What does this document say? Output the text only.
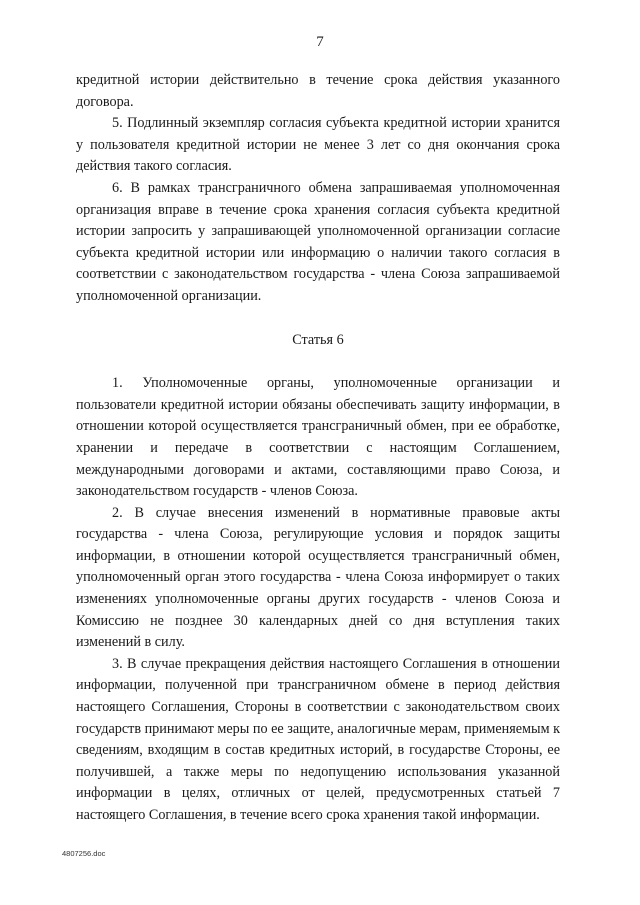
7

кредитной истории действительно в течение срока действия указанного договора.

5. Подлинный экземпляр согласия субъекта кредитной истории хранится у пользователя кредитной истории не менее 3 лет со дня окончания срока действия такого согласия.

6. В рамках трансграничного обмена запрашиваемая уполномоченная организация вправе в течение срока хранения согласия субъекта кредитной истории запросить у запрашивающей уполномоченной организации согласие субъекта кредитной истории или информацию о наличии такого согласия в соответствии с законодательством государства - члена Союза запрашиваемой уполномоченной организации.

Статья 6

1. Уполномоченные органы, уполномоченные организации и пользователи кредитной истории обязаны обеспечивать защиту информации, в отношении которой осуществляется трансграничный обмен, при ее обработке, хранении и передаче в соответствии с настоящим Соглашением, международными договорами и актами, составляющими право Союза, и законодательством государств - членов Союза.

2. В случае внесения изменений в нормативные правовые акты государства - члена Союза, регулирующие условия и порядок защиты информации, в отношении которой осуществляется трансграничный обмен, уполномоченный орган этого государства - члена Союза информирует о таких изменениях уполномоченные органы других государств - членов Союза и Комиссию не позднее 30 календарных дней со дня вступления таких изменений в силу.

3. В случае прекращения действия настоящего Соглашения в отношении информации, полученной при трансграничном обмене в период действия настоящего Соглашения, Стороны в соответствии с законодательством своих государств принимают меры по ее защите, аналогичные мерам, применяемым к сведениям, входящим в состав кредитных историй, в государстве Стороны, ее получившей, а также меры по недопущению использования указанной информации в целях, отличных от целей, предусмотренных статьей 7 настоящего Соглашения, в течение всего срока хранения такой информации.

4807256.doc
